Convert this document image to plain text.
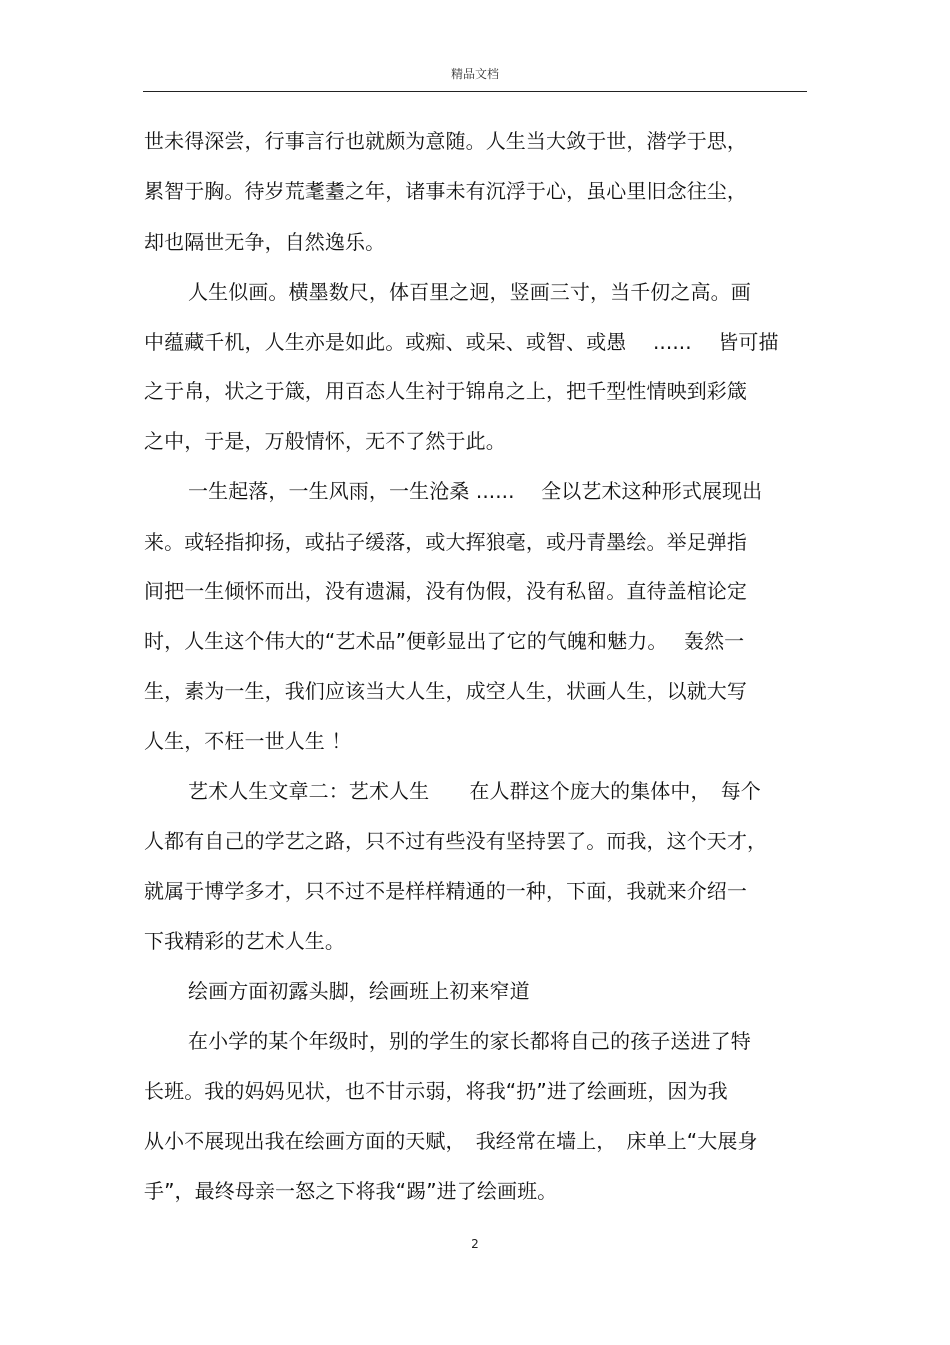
精品文档
世未得深尝，行事言行也就颇为意随。人生当大敛于世，潜学于思，
累智于胸。待岁荒耄耋之年，诸事未有沉浮于心，虽心里旧念往尘，
却也隔世无争，自然逸乐。
人生似画。横墨数尺，体百里之迥，竖画三寸，当千仞之高。画
中蕴藏千机，人生亦是如此。或痴、或呆、或智、或愚　 ......　 皆可描
之于帛，状之于箴，用百态人生衬于锦帛之上，把千型性情映到彩箴
之中，于是，万般情怀，无不了然于此。
一生起落，一生风雨，一生沧桑 ......　 全以艺术这种形式展现出
来。或轻指抑扬，或拈子缓落，或大挥狼毫，或丹青墨绘。举足弹指
间把一生倾怀而出，没有遗漏，没有伪假，没有私留。直待盖棺论定
时，人生这个伟大的“艺术品”便彰显出了它的气魄和魅力。　 轰然一
生，素为一生，我们应该当大人生，成空人生，状画人生，以就大写
人生，不枉一世人生 ！
艺术人生文章二：艺术人生　　在人群这个庞大的集体中，　每个
人都有自己的学艺之路，只不过有些没有坚持罢了。而我，这个天才，
就属于博学多才，只不过不是样样精通的一种，下面，我就来介绍一
下我精彩的艺术人生。
绘画方面初露头脚，绘画班上初来窄道
在小学的某个年级时，别的学生的家长都将自己的孩子送进了特
长班。我的妈妈见状，也不甘示弱，将我“扔”进了绘画班，因为我
从小不展现出我在绘画方面的天赋，　我经常在墙上，　床单上“大展身
手”，最终母亲一怒之下将我“踢”进了绘画班。
2
